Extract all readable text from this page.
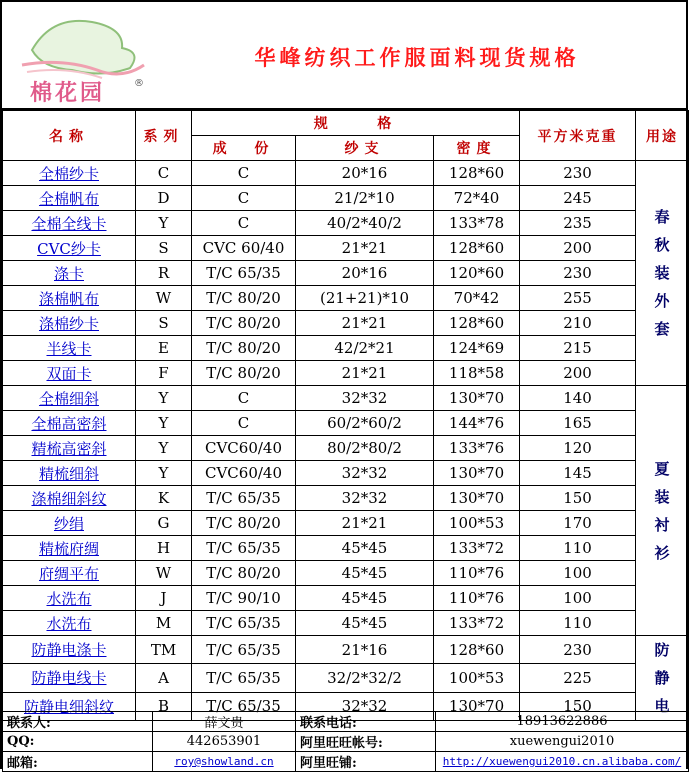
棉花园	®
华峰纺织工作服面料现货规格
名称	系列	规    格			平方米克重	用途
		成  份	纱支	密度		
全棉纱卡	C	C	20*16	128*60	230	春秋装外套
全棉帆布	D	C	21/2*10	72*40	245	
全棉全线卡	Y	C	40/2*40/2	133*78	235	
CVC纱卡	S	CVC 60/40	21*21	128*60	200	
涤卡	R	T/C 65/35	20*16	120*60	230	
涤棉帆布	W	T/C 80/20	(21+21)*10	70*42	255	
涤棉纱卡	S	T/C 80/20	21*21	128*60	210	
半线卡	E	T/C 80/20	42/2*21	124*69	215	
双面卡	F	T/C 80/20	21*21	118*58	200	
全棉细斜	Y	C	32*32	130*70	140	夏装衬衫
全棉高密斜	Y	C	60/2*60/2	144*76	165	
精梳高密斜	Y	CVC60/40	80/2*80/2	133*76	120	
精梳细斜	Y	CVC60/40	32*32	130*70	145	
涤棉细斜纹	K	T/C 65/35	32*32	130*70	150	
纱绢	G	T/C 80/20	21*21	100*53	170	
精梳府绸	H	T/C 65/35	45*45	133*72	110	
府绸平布	W	T/C 80/20	45*45	110*76	100	
水洗布	J	T/C 90/10	45*45	110*76	100	
水洗布	M	T/C 65/35	45*45	133*72	110	
防静电涤卡	TM	T/C 65/35	21*16	128*60	230	防静电
防静电线卡	A	T/C 65/35	32/2*32/2	100*53	225	
防静电细斜纹	B	T/C 65/35	32*32	130*70	150	
联系人:	薛文贵	联系电话:	18913622886
QQ:	442653901	阿里旺旺帐号:	xuewengui2010
邮箱:	roy@showland.cn	阿里旺铺:	http://xuewengui2010.cn.alibaba.com/
